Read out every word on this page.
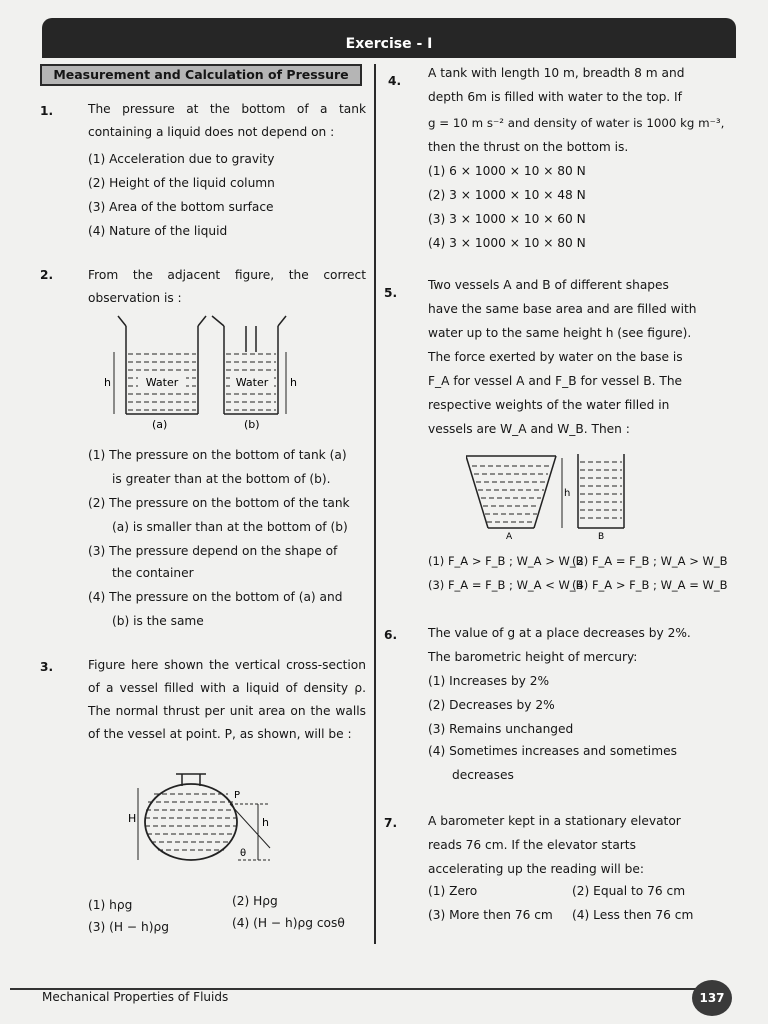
Exercise - I
Measurement and Calculation of Pressure
1.	The pressure at the bottom of a tank containing a liquid does not depend on :
(1) Acceleration due to gravity
(2) Height of the liquid column
(3) Area of the bottom surface
(4) Nature of the liquid
2.	From the adjacent figure, the correct observation is :
Water
h
(a)
Water h
(b)
(1) The pressure on the bottom of tank (a)
is greater than at the bottom of (b).
(2) The pressure on the bottom of the tank
(a) is smaller than at the bottom of (b)
(3) The pressure depend on the shape of
the container
(4) The pressure on the bottom of (a) and
(b) is the same
3.	Figure here shown the vertical cross-section of a vessel filled with a liquid of density ρ. The normal thrust per unit area on the walls of the vessel at point. P, as shown, will be :
H
P
h
θ
(1) hρg	(2) Hρg
(3) (H − h)ρg	(4) (H − h)ρg cosθ
4.
A tank with length 10 m, breadth 8 m and
depth 6m is filled with water to the top. If
g = 10 m s⁻² and density of water is 1000 kg m⁻³,
then the thrust on the bottom is.
(1) 6 × 1000 × 10 × 80 N
(2) 3 × 1000 × 10 × 48 N
(3) 3 × 1000 × 10 × 60 N
(4) 3 × 1000 × 10 × 80 N
5.
Two vessels A and B of different shapes
have the same base area and are filled with
water up to the same height h (see figure).
The force exerted by water on the base is
F_A for vessel A and F_B for vessel B. The
respective weights of the water filled in
vessels are W_A and W_B. Then :
h
A	B
(1) F_A > F_B ; W_A > W_B
(2) F_A = F_B ; W_A > W_B
(3) F_A = F_B ; W_A < W_B
(4) F_A > F_B ; W_A = W_B
6.	The value of g at a place decreases by 2%.
The barometric height of mercury:
(1) Increases by 2%
(2) Decreases by 2%
(3) Remains unchanged
(4) Sometimes increases and sometimes
decreases
7.	A barometer kept in a stationary elevator
reads 76 cm. If the elevator starts
accelerating up the reading will be:
(1) Zero	(2) Equal to 76 cm
(3) More then 76 cm (4) Less then 76 cm
Mechanical Properties of Fluids	137
